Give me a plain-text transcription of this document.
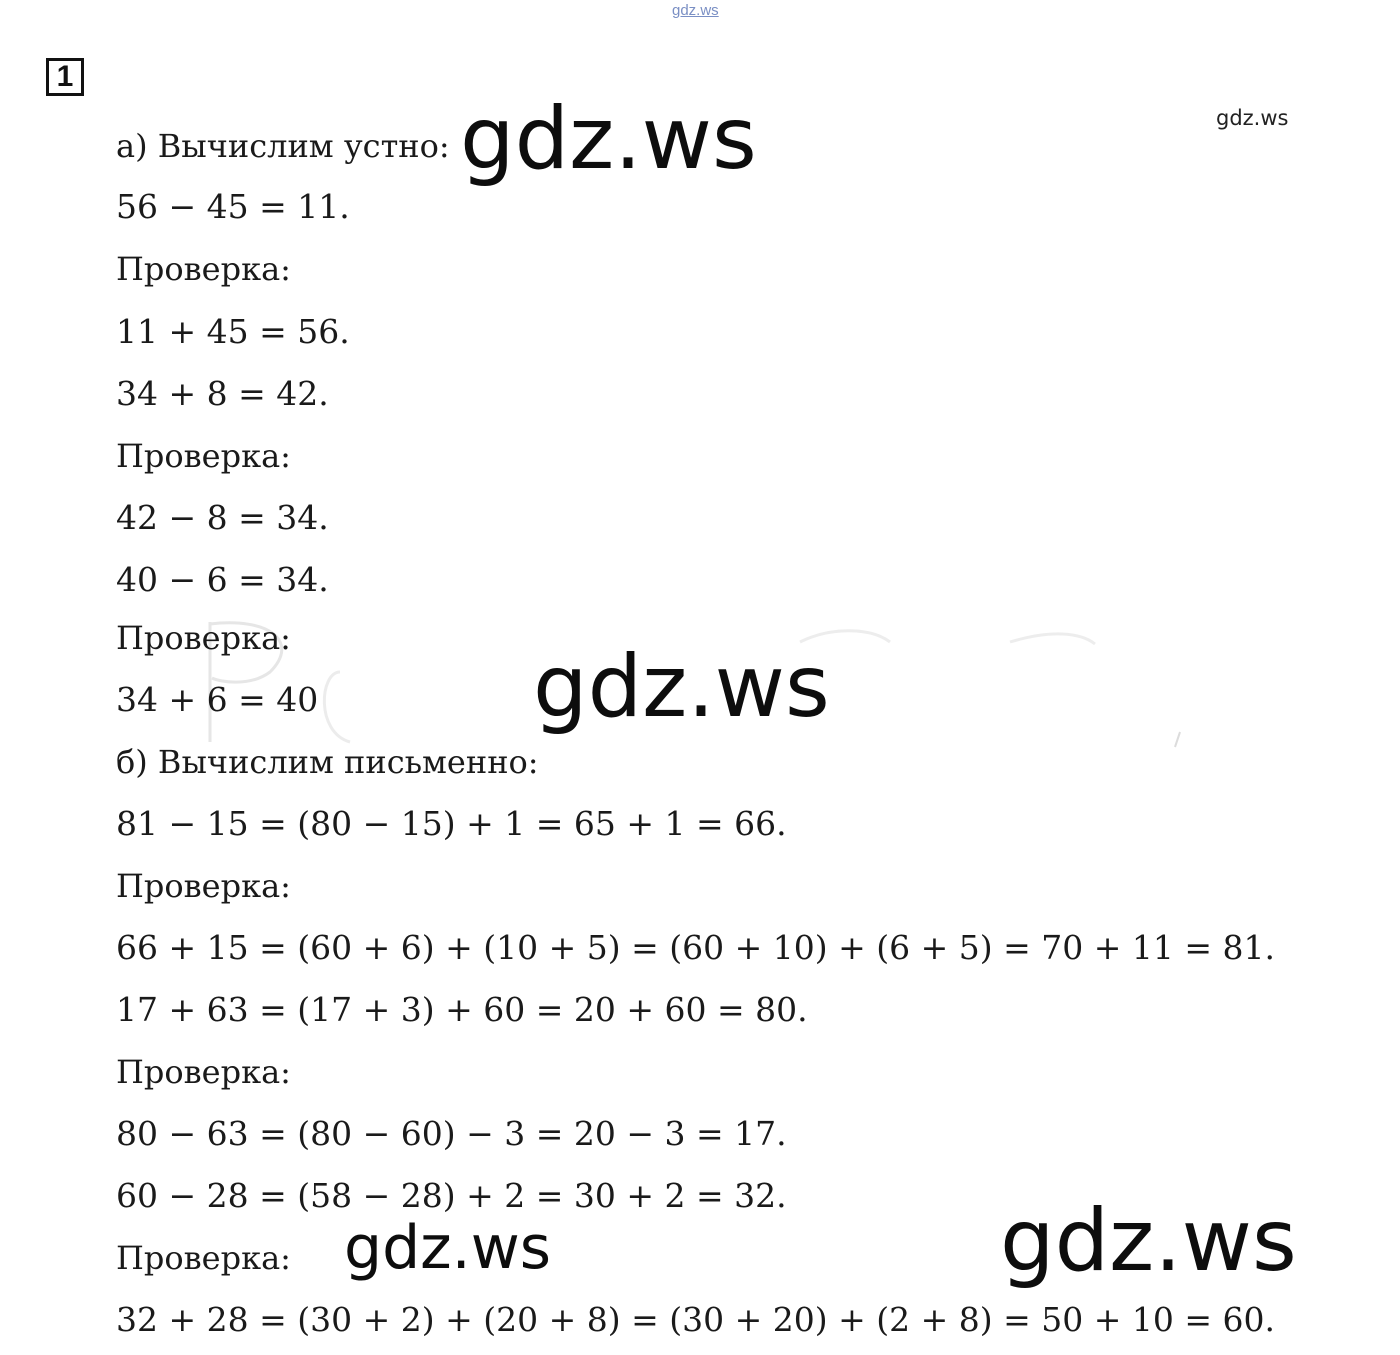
gdz.ws
1
а) Вычислим устно:
56 − 45 = 11.
Проверка:
11 + 45 = 56.
34 + 8 = 42.
Проверка:
42 − 8 = 34.
40 − 6 = 34.
Проверка:
34 + 6 = 40
б) Вычислим письменно:
81 − 15 = (80 − 15) + 1 = 65 + 1 = 66.
Проверка:
66 + 15 = (60 + 6) + (10 + 5) = (60 + 10) + (6 + 5) = 70 + 11 = 81.
17 + 63 = (17 + 3) + 60 = 20 + 60 = 80.
Проверка:
80 − 63 = (80 − 60) − 3 = 20 − 3 = 17.
60 − 28 = (58 − 28) + 2 = 30 + 2 = 32.
Проверка:
32 + 28 = (30 + 2) + (20 + 8) = (30 + 20) + (2 + 8) = 50 + 10 = 60.
gdz.ws	gdz.ws
gdz.ws
gdz.ws	gdz.ws
